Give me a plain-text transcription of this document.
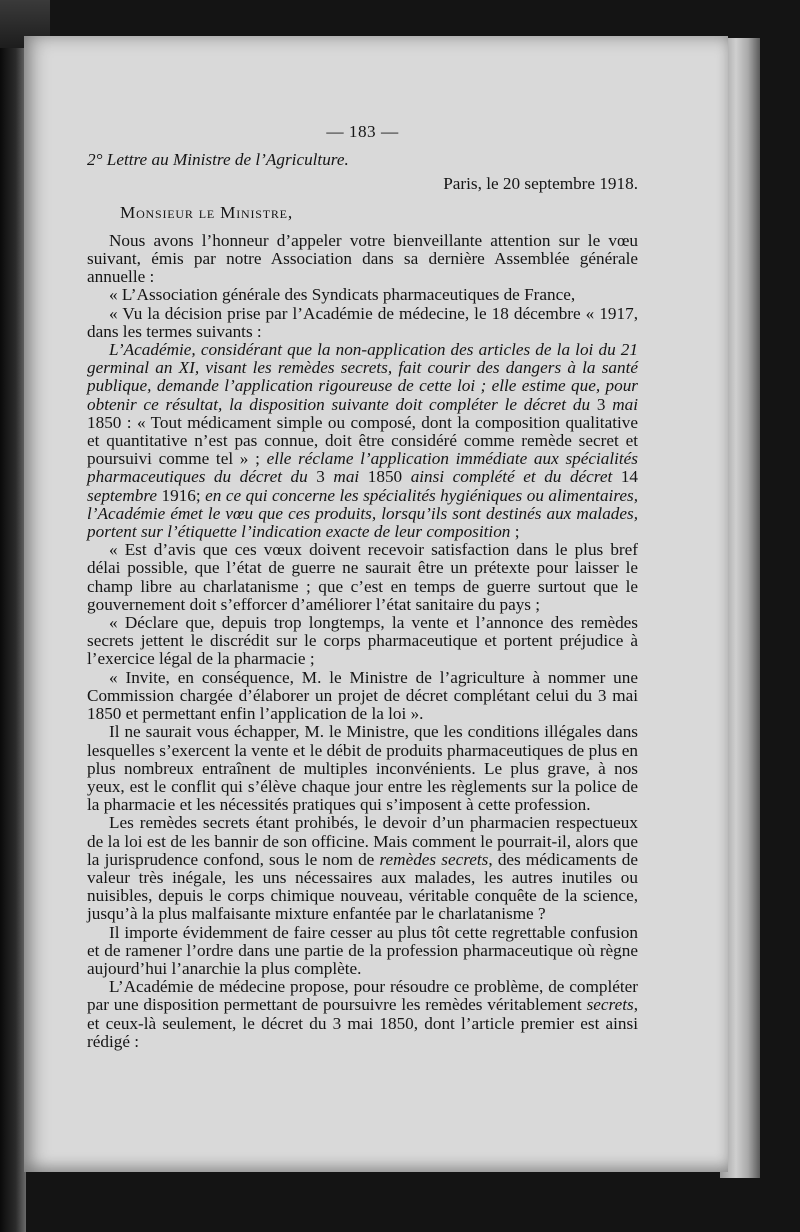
— 183 —
2° Lettre au Ministre de l’Agriculture.
Paris, le 20 septembre 1918.
Monsieur le Ministre,

Nous avons l’honneur d’appeler votre bienveillante attention sur le vœu suivant, émis par notre Association dans sa dernière Assemblée générale annuelle :

« L’Association générale des Syndicats pharmaceutiques de France,

« Vu la décision prise par l’Académie de médecine, le 18 décembre « 1917, dans les termes suivants :

L’Académie, considérant que la non-application des articles de la loi du 21 germinal an XI, visant les remèdes secrets, fait courir des dangers à la santé publique, demande l’application rigoureuse de cette loi ; elle estime que, pour obtenir ce résultat, la disposition suivante doit compléter le décret du 3 mai 1850 : « Tout médicament simple ou composé, dont la composition qualitative et quantitative n’est pas connue, doit être considéré comme remède secret et poursuivi comme tel » ; elle réclame l’application immédiate aux spécialités pharmaceutiques du décret du 3 mai 1850 ainsi complété et du décret 14 septembre 1916; en ce qui concerne les spécialités hygiéniques ou alimentaires, l’Académie émet le vœu que ces produits, lorsqu’ils sont destinés aux malades, portent sur l’étiquette l’indication exacte de leur composition ;

« Est d’avis que ces vœux doivent recevoir satisfaction dans le plus bref délai possible, que l’état de guerre ne saurait être un prétexte pour laisser le champ libre au charlatanisme ; que c’est en temps de guerre surtout que le gouvernement doit s’efforcer d’améliorer l’état sanitaire du pays ;

« Déclare que, depuis trop longtemps, la vente et l’annonce des remèdes secrets jettent le discrédit sur le corps pharmaceutique et portent préjudice à l’exercice légal de la pharmacie ;

« Invite, en conséquence, M. le Ministre de l’agriculture à nommer une Commission chargée d’élaborer un projet de décret complétant celui du 3 mai 1850 et permettant enfin l’application de la loi ».

Il ne saurait vous échapper, M. le Ministre, que les conditions illégales dans lesquelles s’exercent la vente et le débit de produits pharmaceutiques de plus en plus nombreux entraînent de multiples inconvénients. Le plus grave, à nos yeux, est le conflit qui s’élève chaque jour entre les règlements sur la police de la pharmacie et les nécessités pratiques qui s’imposent à cette profession.

Les remèdes secrets étant prohibés, le devoir d’un pharmacien respectueux de la loi est de les bannir de son officine. Mais comment le pourrait-il, alors que la jurisprudence confond, sous le nom de remèdes secrets, des médicaments de valeur très inégale, les uns nécessaires aux malades, les autres inutiles ou nuisibles, depuis le corps chimique nouveau, véritable conquête de la science, jusqu’à la plus malfaisante mixture enfantée par le charlatanisme ?

Il importe évidemment de faire cesser au plus tôt cette regrettable confusion et de ramener l’ordre dans une partie de la profession pharmaceutique où règne aujourd’hui l’anarchie la plus complète.

L’Académie de médecine propose, pour résoudre ce problème, de compléter par une disposition permettant de poursuivre les remèdes véritablement secrets, et ceux-là seulement, le décret du 3 mai 1850, dont l’article premier est ainsi rédigé :
